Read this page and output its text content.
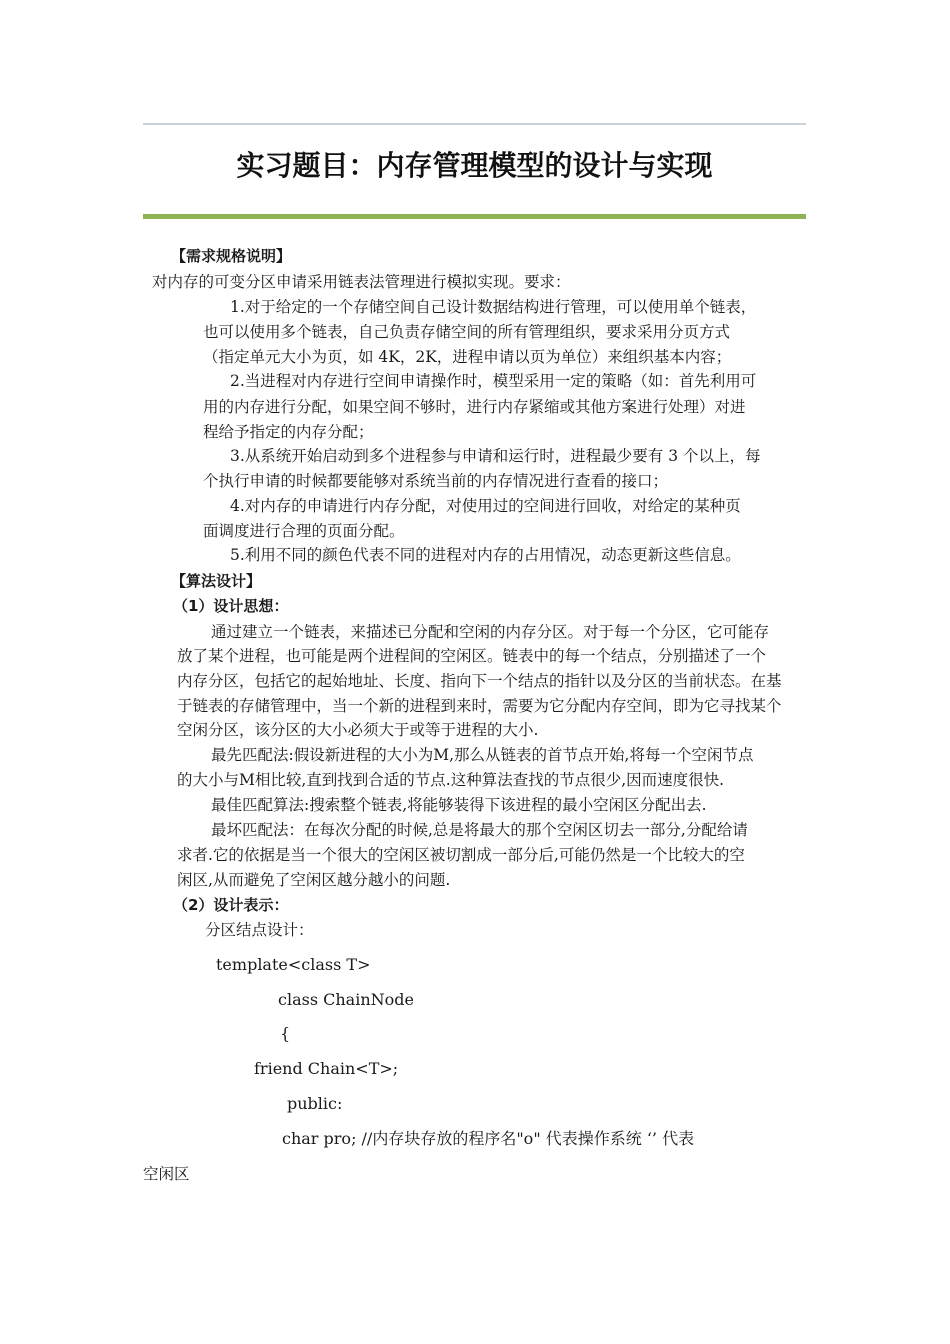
实习题目：内存管理模型的设计与实现
【需求规格说明】
对内存的可变分区申请采用链表法管理进行模拟实现。要求：
1.对于给定的一个存储空间自己设计数据结构进行管理，可以使用单个链表，
也可以使用多个链表，自己负责存储空间的所有管理组织，要求采用分页方式
（指定单元大小为页，如 4K，2K，进程申请以页为单位）来组织基本内容；
2.当进程对内存进行空间申请操作时，模型采用一定的策略（如：首先利用可
用的内存进行分配，如果空间不够时，进行内存紧缩或其他方案进行处理）对进
程给予指定的内存分配；
3.从系统开始启动到多个进程参与申请和运行时，进程最少要有 3 个以上，每
个执行申请的时候都要能够对系统当前的内存情况进行查看的接口；
4.对内存的申请进行内存分配，对使用过的空间进行回收，对给定的某种页
面调度进行合理的页面分配。
5.利用不同的颜色代表不同的进程对内存的占用情况，动态更新这些信息。
【算法设计】
（1）设计思想：
通过建立一个链表，来描述已分配和空闲的内存分区。对于每一个分区，它可能存
放了某个进程，也可能是两个进程间的空闲区。链表中的每一个结点，分别描述了一个
内存分区，包括它的起始地址、长度、指向下一个结点的指针以及分区的当前状态。在基
于链表的存储管理中，当一个新的进程到来时，需要为它分配内存空间，即为它寻找某个
空闲分区，该分区的大小必须大于或等于进程的大小.
最先匹配法:假设新进程的大小为M,那么从链表的首节点开始,将每一个空闲节点
的大小与M相比较,直到找到合适的节点.这种算法查找的节点很少,因而速度很快.
最佳匹配算法:搜索整个链表,将能够装得下该进程的最小空闲区分配出去.
最坏匹配法：在每次分配的时候,总是将最大的那个空闲区切去一部分,分配给请
求者.它的依据是当一个很大的空闲区被切割成一部分后,可能仍然是一个比较大的空
闲区,从而避免了空闲区越分越小的问题.
（2）设计表示：
分区结点设计：
template<class T>
class ChainNode
{
friend Chain<T>;
public:
char pro; //内存块存放的程序名"o" 代表操作系统 ‘’ 代表
空闲区
